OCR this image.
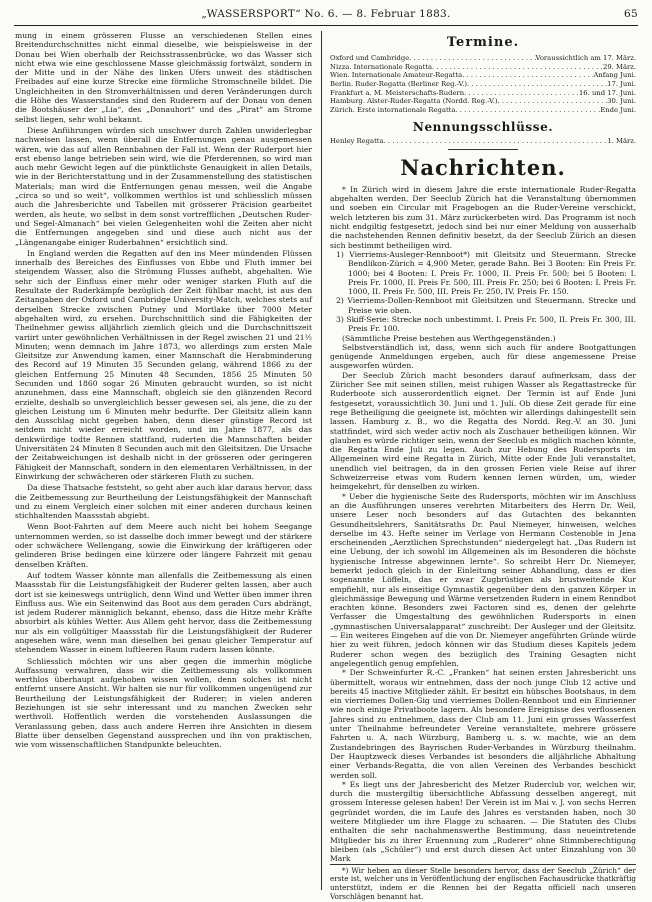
„WASSERSPORT“ No. 6. — 8. Februar 1883.	65

mung in einem grösseren Flusse an verschiedenen Stellen eines Breitendurchschnittes nicht einmal dieselbe, wie beispielsweise in der Donau bei Wien oberhalb der Reichsstrassenbrücke, wo das Wasser sich nicht etwa wie eine geschlossene Masse gleichmässig fortwälzt, sondern in der Mitte und in der Nähe des linken Ufers unweit des städtischen Freibades auf eine kurze Strecke eine förmliche Stromschnelle bildet. Die Ungleichheiten in den Stromverhältnissen und deren Veränderungen durch die Höhe des Wasserstandes sind den Ruderern auf der Donau von denen die Bootshäuser der „Lia“, des „Donauhort“ und des „Pirat“ am Strome selbst liegen, sehr wohl bekannt.

Diese Anführungen würden sich unschwer durch Zahlen unwiderlegbar nachweisen lassen, wenn überall die Entfernungen genau ausgemessen wären, wie das auf allen Rennbahnen der Fall ist. Wenn der Ruderport hier erst ebenso lange betrieben sein wird, wie die Pferderennen, so wird man auch mehr Gewicht legen auf die pünktlichste Genauigkeit in allen Details, wie in der Berichterstattung und in der Zusammenstellung des statistischen Materials; man wird die Entfernungen genau messen, weil die Angabe „circa so und so weit“, vollkommen werthlos ist und schliesslich müssen auch die Jahresberichte und Tabellen mit grösserer Präcision gearbeitet werden, als heute, wo selbst in dem sonst vortrefflichen „Deutschen Ruder- und Segel-Almanach“ bei vielen Gelegenheiten wohl die Zeiten aber nicht die Entfernungen angegeben sind und diese auch nicht aus der „Längenangabe einiger Ruderbahnen“ ersichtlich sind.

In England werden die Regatten auf den ins Meer mündenden Flüssen innerhalb des Bereiches des Einflusses von Ebbe und Fluth immer bei steigendem Wasser, also die Strömung Flusses aufhebt, abgehalten. Wie sehr sich der Einfluss einer mehr oder weniger starken Fluth auf die Resultate der Ruderkämpfe bezüglich der Zeit fühlbar macht, ist aus den Zeitangaben der Oxford und Cambridge University-Match, welches stets auf derselben Strecke zwischen Putney und Mortlake über 7000 Meter abgehalten wird, zu ersehen. Durchschnittlich sind die Fähigkeiten der Theilnehmer gewiss alljährlich ziemlich gleich und die Durchschnittszeit variirt unter gewöhnlichen Verhältnissen in der Regel zwischen 21 und 21½ Minuten; wenn demnach im Jahre 1873, wo allerdings zum ersten Male Gleitsitze zur Anwendung kamen, einer Mannschaft die Herabminderung des Record auf 19 Minuten 35 Secunden gelang, während 1866 zu der gleichen Entfernung 25 Minuten 48 Secunden, 1856 25 Minuten 50 Secunden und 1860 sogar 26 Minuten gebraucht wurden, so ist nicht anzunehmen, dass eine Mannschaft, obgleich sie den glänzenden Record erzielte, deshalb so unvergleichlich besser gewesen sei, als jene, die zu der gleichen Leistung um 6 Minuten mehr bedurfte. Der Gleitsitz allein kann den Ausschlag nicht gegeben haben, denn dieser günstige Record ist seitdem nicht wieder erreicht worden, und im Jahre 1877, als das denkwürdige todte Rennen stattfand, ruderten die Mannschaften beider Universitäten 24 Minuten 8 Secunden auch mit den Gleitsitzen. Die Ursache der Zeitabweichungen ist deshalb nicht in der grösseren oder geringeren Fähigkeit der Mannschaft, sondern in den elementaren Verhältnissen, in der Einwirkung der schwächeren oder stärkeren Fluth zu suchen.

Da diese Thatsache feststeht, so geht aber auch klar daraus hervor, dass die Zeitbemessung zur Beurtheilung der Leistungsfähigkeit der Mannschaft und zu einem Vergleich einer solchen mit einer anderen durchaus keinen stichhaltenden Maassstab abgiebt.

Wenn Boot-Fahrten auf dem Meere auch nicht bei hohem Seegange unternommen werden, so ist dasselbe doch immer bewegt und der stärkere oder schwächere Wellengang, sowie die Einwirkung der kräftigeren oder gelinderen Brise bedingen eine kürzere oder längere Fahrzeit mit genau denselben Kräften.

Auf todtem Wasser könnte man allenfalls die Zeitbemessung als einen Maassstab für die Leistungsfähigkeit der Ruderer gelten lassen, aber auch dort ist sie keineswegs untrüglich, denn Wind und Wetter üben immer ihren Einfluss aus. Wie ein Seitenwind das Boot aus dem geraden Curs abdrängt, ist jedem Ruderer männiglich bekannt, ebenso, dass die Hitze mehr Kräfte absorbirt als kühles Wetter. Aus Allem geht hervor, dass die Zeitbemessung nur als ein vollgültiger Maassstab für die Leistungsfähigkeit der Ruderer angesehen wäre, wenn man dieselben bei genau gleicher Temperatur auf stehendem Wasser in einem luftleeren Raum rudern lassen könnte.

Schliesslich möchten wir uns aber gegen die immerhin mögliche Auffassung verwahren, dass wir die Zeitbemessung als vollkommen werthlos überhaupt aufgehoben wissen wollen, denn solches ist nicht entfernt unsere Ansicht. Wir halten sie nur für vollkommen ungenügend zur Beurtheilung der Leistungsfähigkeit der Ruderer; in vielen anderen Beziehungen ist sie sehr interessant und zu manchen Zwecken sehr werthvoll. Hoffentlich werden die vorstehenden Auslassungen die Veranlassung geben, dass auch andere Herren ihre Ansichten in diesem Blatte über denselben Gegenstand aussprechen und ihn von praktischen, wie vom wissenschaftlichen Standpunkte beleuchten.

Termine.
Oxford und Cambridge . . .	Voraussichtlich am 17. März.
Nizza. Internationale Regatta . . .	29. März.
Wien. Internationale Amateur-Regatta . . .	Anfang Juni.
Berlin. Ruder-Regatta (Berliner Reg.-V.) . . .	17. Juni.
Frankfurt a. M. Meisterschafts-Rudern . . .	16. und 17. Juni.
Hamburg. Alster-Ruder-Regatta (Nordd. Reg.-V.) . . .	30. Juni.
Zürich. Erste internationale Regatta . . .	Ende Juni.
Nennungsschlüsse.
Henley Regatta . . .	1. März.
Nachrichten.

* In Zürich wird in diesem Jahre die erste internationale Ruder-Regatta abgehalten werden. Der Seeclub Zürich hat die Veranstaltung übernommen und soeben ein Circular mit Fragebogen an die Ruder-Vereine verschickt, welch letzteren bis zum 31. März zurückerbeten wird. Das Programm ist noch nicht endgiltig festgesetzt, jedoch sind bei nur einer Meldung von ausserhalb die nachstehenden Rennen definitiv besetzt, da der Seeclub Zürich an diesen sich bestimmt betheiligen wird.

1) Vierriems-Ausleger-Rennboot*) mit Gleitsitz und Steuermann. Strecke Bendlikon-Zürich = 4,900 Meter, gerade Bahn. Bei 3 Booten: Ein Preis Fr. 1000; bei 4 Booten: I. Preis Fr. 1000, II. Preis Fr. 500; bei 5 Booten: I. Preis Fr. 1000, II. Preis Fr. 500, III. Preis Fr. 250; bei 6 Booten: I. Preis Fr. 1000, II. Preis Fr. 500, III. Preis Fr. 250, IV. Preis Fr. 150.

2) Vierriems-Dollen-Rennboot mit Gleitsitzen und Steuermann. Strecke und Preise wie oben.

3) Skiff-Serie: Strecke noch unbestimmt. I. Preis Fr. 500, II. Preis Fr. 300, III. Preis Fr. 100.

(Sämmtliche Preise bestehen aus Werthgegenständen.)

Selbstverständlich ist, dass, wenn sich auch für andere Bootgattungen genügende Anmeldungen ergeben, auch für diese angemessene Preise ausgeworfen würden.

Der Seeclub Zürich macht besonders darauf aufmerksam, dass der Züricher See mit seinen stillen, meist ruhigen Wasser als Regattastrecke für Ruderboote sich ausserordentlich eignet. Der Termin ist auf Ende Juni festgesetzt, voraussichtlich 30. Juni und 1. Juli. Ob diese Zeit gerade für eine rege Betheiligung die geeignete ist, möchten wir allerdings dahingestellt sein lassen. Hamburg z. B., wo die Regatta des Nordd. Reg.-V. an 30. Juni stattfindet, wird sich weder activ noch als Zuschauer betheiligen können. Wir glauben es würde richtiger sein, wenn der Seeclub es möglich machen könnte, die Regatta Ende Juli zu legen. Auch zur Hebung des Rudersports im Allgemeinen wird eine Regatta in Zürich, Mitte oder Ende Juli veranstaltet, unendlich viel beitragen, da in den grossen Ferien viele Reise auf ihrer Schweizerreise etwas vom Rudern kennen lernen würden, um, wieder heimgekehrt, für denselben zu wirken.

* Ueber die hygienische Seite des Rudersports, möchten wir im Anschluss an die Ausführungen unseres verehrten Mitarbeiters des Herrn Dr. Weil, unsere Leser noch besonders auf das Gutachten des bekannten Gesundheitslehrers, Sanitätsraths Dr. Paul Niemeyer, hinweisen, welches derselbe im 43. Hefte seiner im Verlage von Hermann Costenoble in Jena erscheinenden „Aerztlichen Sprechstunden“ niedergelegt hat. „Das Rudern ist eine Uebung, der ich sowohl im Allgemeinen als im Besonderen die höchste hygienische Intresse abgewinnen lernte“. So schreibt Herr Dr. Niemeyer, bemerkt jedoch gleich in der Einleitung seiner Abhandlung, dass er dies sogenannte Löffeln, das er zwar Zugbrüstigen als brustweitende Kur empfiehlt, nur als einseitige Gymnastik gegenüber dem den ganzen Körper in gleichmässige Bewegung und Wärme versetzenden Rudern in einem Renndbot erachten könne. Besonders zwei Factoren sind es, denen der gelehrte Verfasser die Umgestaltung des gewöhnlichen Rudersports in einen „gymnastischen Universalapparat“ zuschreibt: Der Ausleger und der Gleitsitz. — Ein weiteres Eingehen auf die von Dr. Niemeyer angeführten Gründe würde hier zu weit führen, jedoch können wir das Studium dieses Kapitels jedem Ruderer schon wegen des bezüglich des Training Gesagten nicht angelegentlich genug empfehlen.

* Der Schweinfurter R.-C. „Franken“ hat seinen ersten Jahresbericht uns übermittelt, woraus wir entnehmen, dass der noch junge Club 12 active und bereits 45 inactive Mitglieder zählt. Er besitzt ein hübsches Bootshaus, in dem ein vierriemes Dollen-Gig und vierriemes Dollen-Rennboot und ein Einrienner wie noch einige Privatboote lagern. Als besondere Ereignisse des verflossenen Jahres sind zu entnehmen, dass der Club am 11. Juni ein grosses Wasserfest unter Theilnahme befreundeter Vereine veranstaltete, mehrere grössere Fahrten u. A. nach Würzburg, Bamberg u. s. w. machte, wie an dem Zustandebringen des Bayrischen Ruder-Verbandes in Würzburg theilnahm. Der Hauptzweck dieses Verbandes ist besonders die alljährliche Abhaltung einer Verbands-Regatta, die von allen Vereinen des Verbandes beschickt werden soll.

* Es liegt uns der Jahresbericht des Metzer Ruderclub vor, welchen wir, durch die mustergiltig übersichtliche Abfassung desselben angeregt, mit grossem Interesse gelesen haben! Der Verein ist im Mai v. J. von sechs Herren gegründet worden, die im Laufe des Jahres es verstanden haben, noch 30 weitere Mitglieder um ihre Flagge zu schaaren. — Die Statuten des Clubs enthalten die sehr nachahmenswerthe Bestimmung, dass neueintretende Mitglieder bis zu ihrer Ernennung zum „Ruderer“ ohne Stimmberechtigung bleiben (als „Schüler“) und erst durch diesen Act unter Einzahlung von 30 Mark

*) Wir heben an dieser Stelle besonders hervor, dass der Seeclub „Zürich“ der erste ist, welcher uns in Veröffentlichung der englischen Fachausdrücke thatkräftig unterstützt, indem er die Rennen bei der Regatta officiell nach unseren Vorschlägen benannt hat.
